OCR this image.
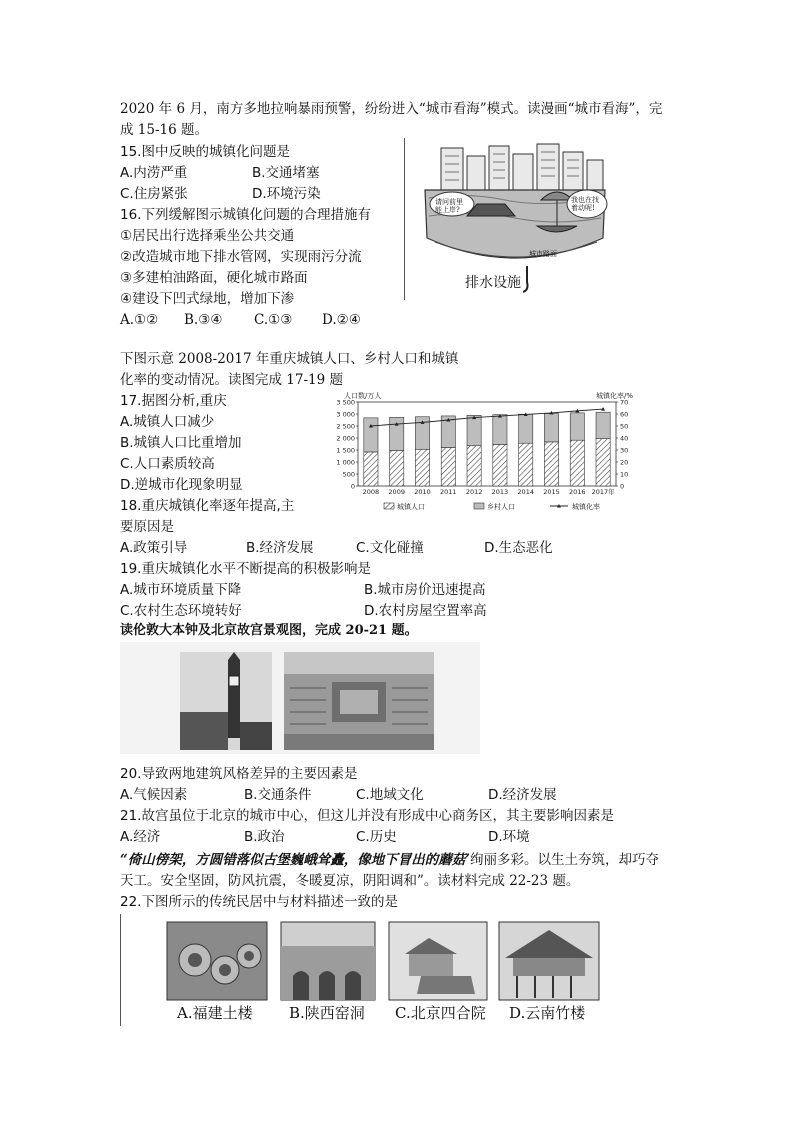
2020 年 6 月，南方多地拉响暴雨预警，纷纷进入“城市看海”模式。读漫画“城市看海”，完
成 15-16 题。
15.图中反映的城镇化问题是
A.内涝严重	B.交通堵塞
C.住房紧张	D.环境污染
16.下列缓解图示城镇化问题的合理措施有
①居民出行选择乘坐公共交通
②改造城市地下排水管网，实现雨污分流
③多建柏油路面，硬化城市路面
④建设下凹式绿地，增加下渗
A.①② B.③④ C.①③ D.②④
请问前里能上岸?
我也在找着动呢!
城市路面
排水设施
下图示意 2008-2017 年重庆城镇人口、乡村人口和城镇
化率的变动情况。读图完成 17-19 题
17.据图分析,重庆
A.城镇人口减少
B.城镇人口比重增加
C.人口素质较高
D.逆城市化现象明显
18.重庆城镇化率逐年提高,主
要原因是
A.政策引导	B.经济发展	C.文化碰撞	D.生态恶化
19.重庆城镇化水平不断提高的积极影响是
A.城市环境质量下降	B.城市房价迅速提高
C.农村生态环境转好	D.农村房屋空置率高
0
500
1 000
1 500
2 000
2 500
3 000
3 500
0
10
20
30
40
50
60
70
人口数/万人	城镇化率/%
2008 2009 2010 2011 2012 2013 2014 2015 2016 2017年
城镇人口	乡村人口	城镇化率
读伦敦大本钟及北京故宫景观图，完成 20-21 题。
20.导致两地建筑风格差异的主要因素是
A.气候因素	B.交通条件	C.地域文化	D.经济发展
21.故宫虽位于北京的城市中心，但这儿并没有形成中心商务区，其主要影响因素是
A.经济	B.政治	C.历史	D.环境
“倚山傍架，方圆错落似古堡巍峨耸矗，像地下冒出的蘑菇’绚丽多彩。以生土夯筑，却巧夺
天工。安全坚固，防风抗震，冬暖夏凉，阴阳调和”。读材料完成 22-23 题。
22.下图所示的传统民居中与材料描述一致的是
A.福建土楼 B.陕西窑洞 C.北京四合院 D.云南竹楼
